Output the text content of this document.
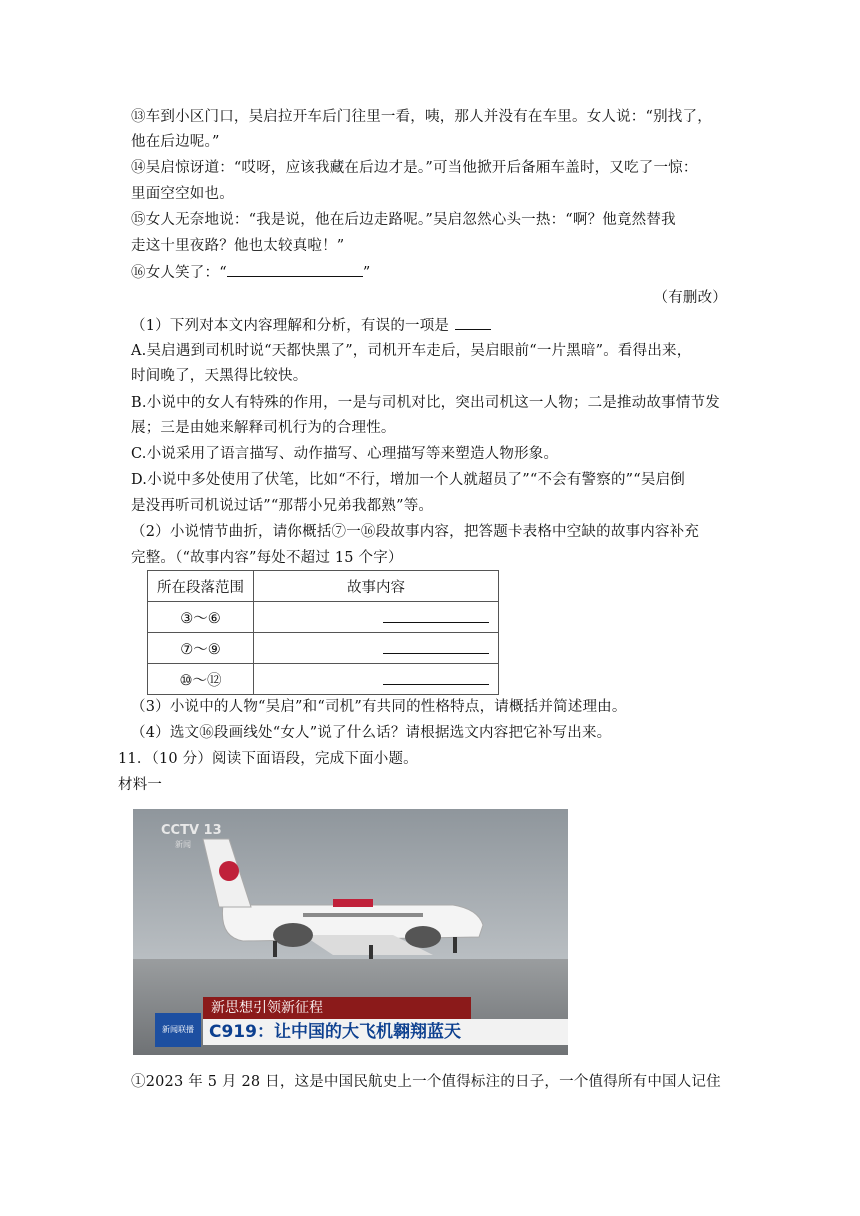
⑬车到小区门口，吴启拉开车后门往里一看，咦，那人并没有在车里。女人说：“别找了，
他在后边呢。”
⑭吴启惊讶道：“哎呀，应该我藏在后边才是。”可当他掀开后备厢车盖时，又吃了一惊：
里面空空如也。
⑮女人无奈地说：“我是说，他在后边走路呢。”吴启忽然心头一热：“啊？他竟然替我
走这十里夜路？他也太较真啦！”
⑯女人笑了：“	”
（有删改）
（1）下列对本文内容理解和分析，有误的一项是
A.吴启遇到司机时说“天都快黑了”，司机开车走后，吴启眼前“一片黑暗”。看得出来，
时间晚了，天黑得比较快。
B.小说中的女人有特殊的作用，一是与司机对比，突出司机这一人物；二是推动故事情节发
展；三是由她来解释司机行为的合理性。
C.小说采用了语言描写、动作描写、心理描写等来塑造人物形象。
D.小说中多处使用了伏笔，比如“不行，增加一个人就超员了”“不会有警察的”“吴启倒
是没再听司机说过话”“那帮小兄弟我都熟”等。
（2）小说情节曲折，请你概括⑦一⑯段故事内容，把答题卡表格中空缺的故事内容补充
完整。（“故事内容”每处不超过 15 个字）
所在段落范围	故事内容
③～⑥	
⑦～⑨	
⑩～⑫	
（3）小说中的人物“吴启”和“司机”有共同的性格特点，请概括并简述理由。
（4）选文⑯段画线处“女人”说了什么话？请根据选文内容把它补写出来。
11．（10 分）阅读下面语段，完成下面小题。
材料一
CCTV 13
新闻
新闻联播
新思想引领新征程
C919：让中国的大飞机翱翔蓝天
①2023 年 5 月 28 日，这是中国民航史上一个值得标注的日子，一个值得所有中国人记住
